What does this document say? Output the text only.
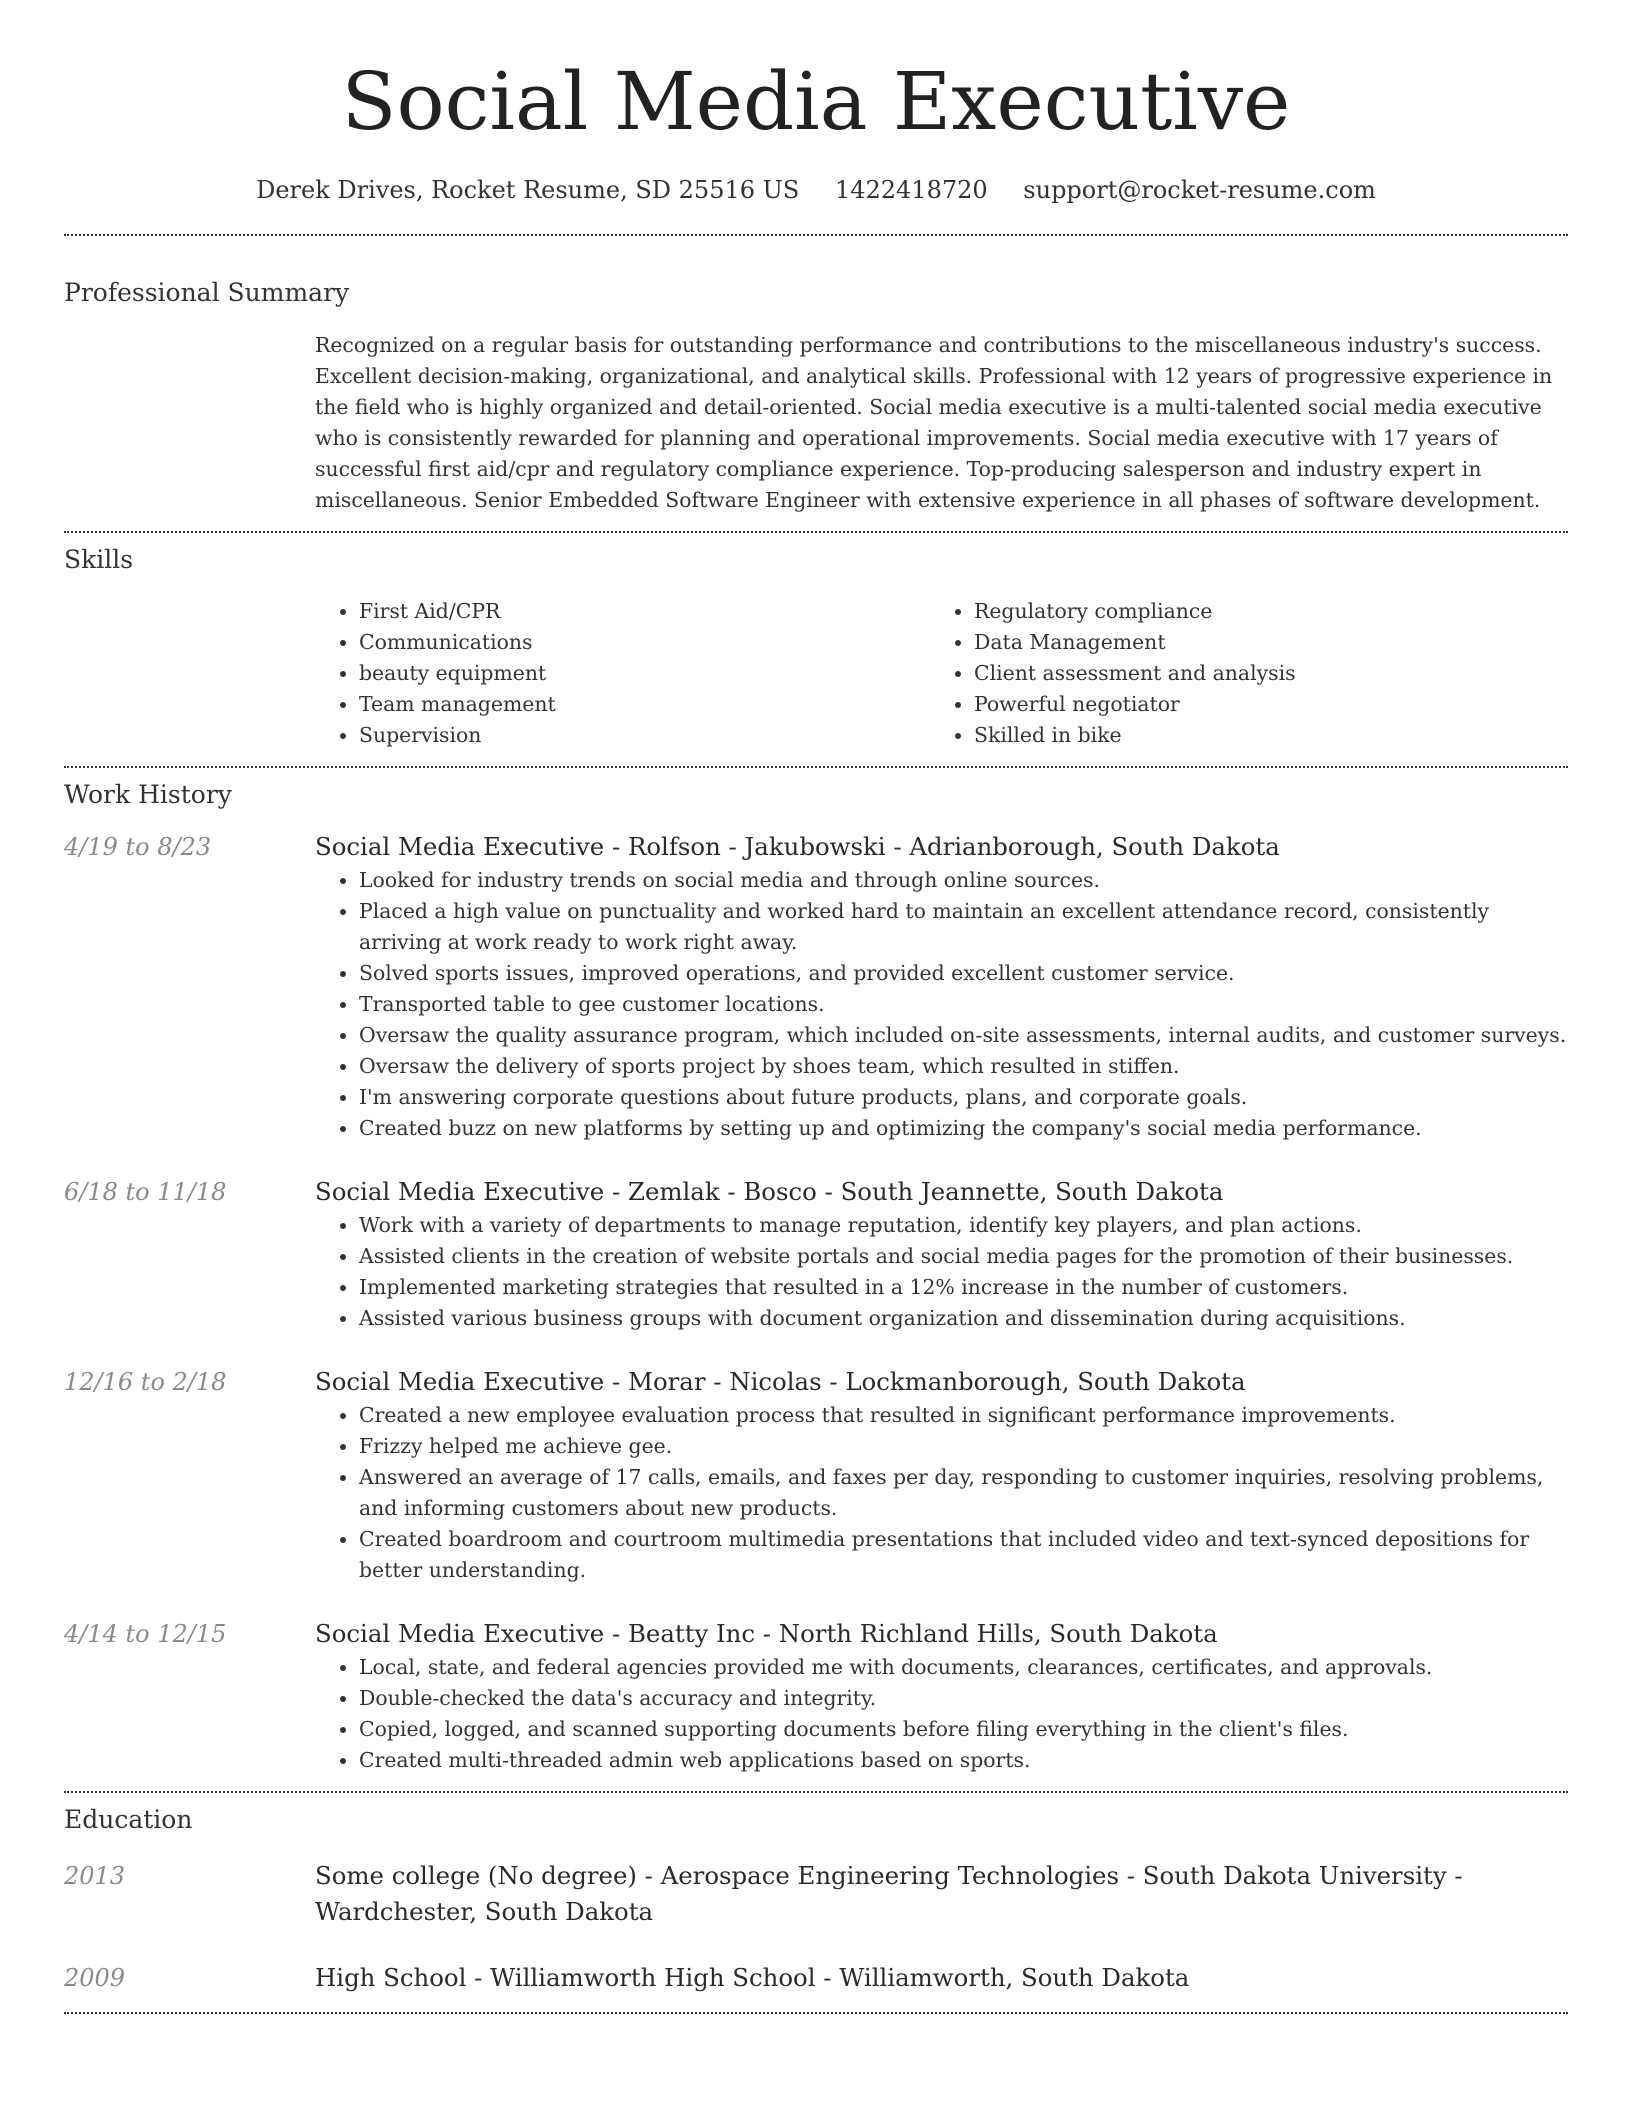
Social Media Executive
Derek Drives, Rocket Resume, SD 25516 US 1422418720 support@rocket-resume.com
Professional Summary
Recognized on a regular basis for outstanding performance and contributions to the miscellaneous industry's success. Excellent decision-making, organizational, and analytical skills. Professional with 12 years of progressive experience in the field who is highly organized and detail-oriented. Social media executive is a multi-talented social media executive who is consistently rewarded for planning and operational improvements. Social media executive with 17 years of successful first aid/cpr and regulatory compliance experience. Top-producing salesperson and industry expert in miscellaneous. Senior Embedded Software Engineer with extensive experience in all phases of software development.
Skills
• First Aid/CPR
• Communications
• beauty equipment
• Team management
• Supervision
• Regulatory compliance
• Data Management
• Client assessment and analysis
• Powerful negotiator
• Skilled in bike
Work History
4/19 to 8/23	Social Media Executive - Rolfson - Jakubowski - Adrianborough, South Dakota
• Looked for industry trends on social media and through online sources.
• Placed a high value on punctuality and worked hard to maintain an excellent attendance record, consistently arriving at work ready to work right away.
• Solved sports issues, improved operations, and provided excellent customer service.
• Transported table to gee customer locations.
• Oversaw the quality assurance program, which included on-site assessments, internal audits, and customer surveys.
• Oversaw the delivery of sports project by shoes team, which resulted in stiffen.
• I'm answering corporate questions about future products, plans, and corporate goals.
• Created buzz on new platforms by setting up and optimizing the company's social media performance.
6/18 to 11/18	Social Media Executive - Zemlak - Bosco - South Jeannette, South Dakota
• Work with a variety of departments to manage reputation, identify key players, and plan actions.
• Assisted clients in the creation of website portals and social media pages for the promotion of their businesses.
• Implemented marketing strategies that resulted in a 12% increase in the number of customers.
• Assisted various business groups with document organization and dissemination during acquisitions.
12/16 to 2/18	Social Media Executive - Morar - Nicolas - Lockmanborough, South Dakota
• Created a new employee evaluation process that resulted in significant performance improvements.
• Frizzy helped me achieve gee.
• Answered an average of 17 calls, emails, and faxes per day, responding to customer inquiries, resolving problems, and informing customers about new products.
• Created boardroom and courtroom multimedia presentations that included video and text-synced depositions for better understanding.
4/14 to 12/15	Social Media Executive - Beatty Inc - North Richland Hills, South Dakota
• Local, state, and federal agencies provided me with documents, clearances, certificates, and approvals.
• Double-checked the data's accuracy and integrity.
• Copied, logged, and scanned supporting documents before filing everything in the client's files.
• Created multi-threaded admin web applications based on sports.
Education
2013	Some college (No degree) - Aerospace Engineering Technologies - South Dakota University - Wardchester, South Dakota
2009	High School - Williamworth High School - Williamworth, South Dakota
